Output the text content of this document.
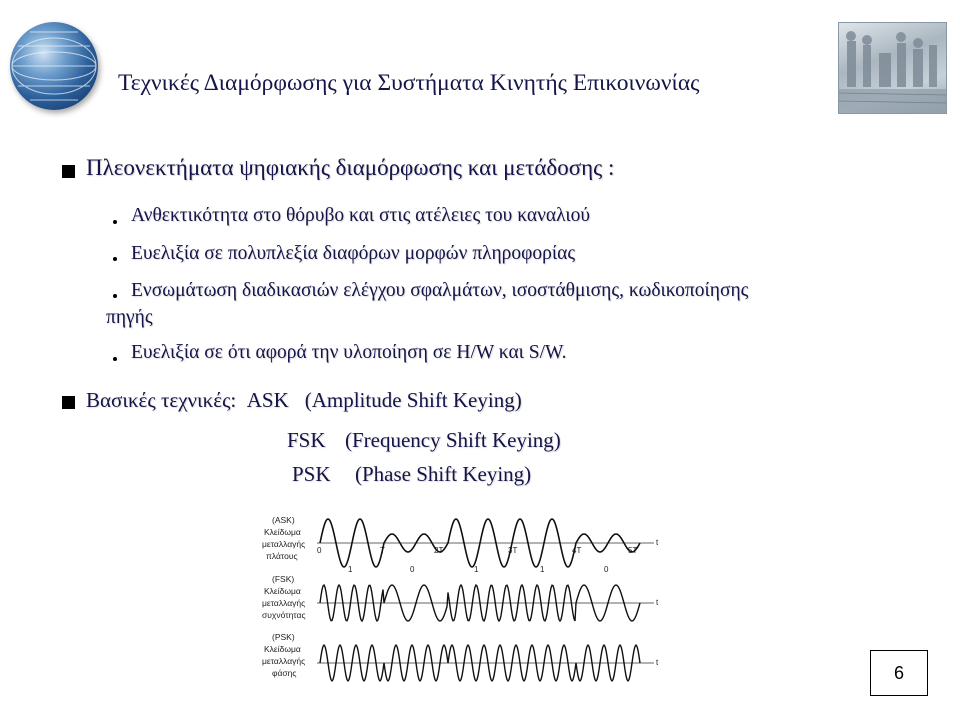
Τεχνικές Διαμόρφωσης για Συστήματα Κινητής Επικοινωνίας
Πλεονεκτήματα ψηφιακής διαμόρφωσης και μετάδοσης :
Ανθεκτικότητα στο θόρυβο και στις ατέλειες του καναλιού
Ευελιξία σε πολυπλεξία διαφόρων μορφών πληροφορίας
Ενσωμάτωση διαδικασιών ελέγχου σφαλμάτων, ισοστάθμισης, κωδικοποίησης
πηγής
Ευελιξία σε ότι αφορά την υλοποίηση σε H/W και S/W.
Βασικές τεχνικές: ASK (Amplitude Shift Keying)
FSK (Frequency Shift Keying)
PSK (Phase Shift Keying)
(ASK)
Κλείδωμα
μεταλλαγής
πλάτους
(FSK)
Κλείδωμα
μεταλλαγής
συχνότητας
(PSK)
Κλείδωμα
μεταλλαγής
φάσης
t
t
t
0	T	2T	3T	4T	5T
1	0	1	1	0
6
